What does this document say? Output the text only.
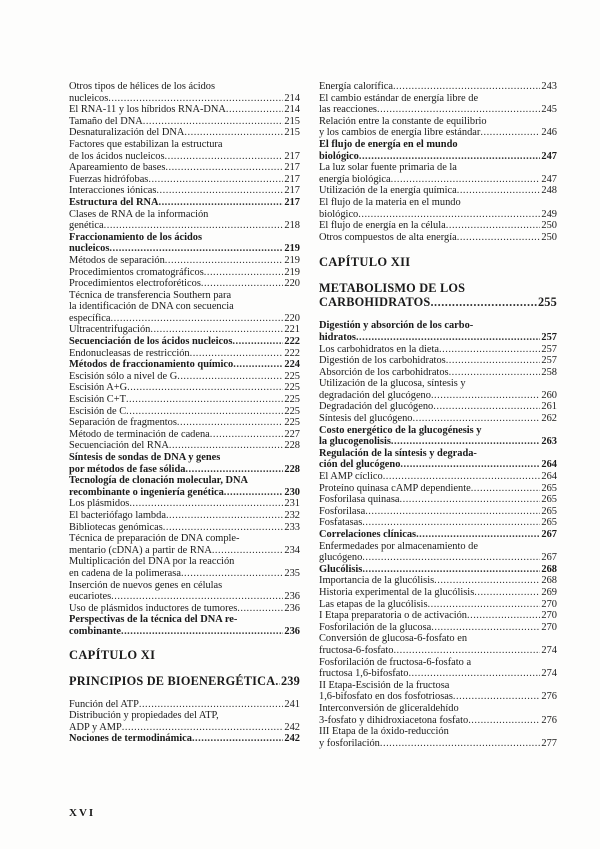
Otros tipos de hélices de los ácidos
nucleicos .....	214
El RNA-11 y los híbridos RNA-DNA .....	214
Tamaño del DNA .....	215
Desnaturalización del DNA .....	215
Factores que estabilizan la estructura
de los ácidos nucleicos .....	217
Apareamiento de bases .....	217
Fuerzas hidrófobas .....	217
Interacciones iónicas .....	217
Estructura del RNA .....	217
Clases de RNA de la información
genética .....	218
Fraccionamiento de los ácidos
nucleicos .....	219
Métodos de separación .....	219
Procedimientos cromatográficos .....	219
Procedimientos electroforéticos .....	220
Técnica de transferencia Southern para
la identificación de DNA con secuencia
específica .....	220
Ultracentrifugación .....	221
Secuenciación de los ácidos nucleicos .....	222
Endonucleasas de restricción .....	222
Métodos de fraccionamiento químico .....	224
Escisión sólo a nivel de G .....	225
Escisión A+G .....	225
Escisión C+T .....	225
Escisión de C .....	225
Separación de fragmentos .....	225
Método de terminación de cadena .....	227
Secuenciación del RNA .....	228
Síntesis de sondas de DNA y genes
por métodos de fase sólida .....	228
Tecnología de clonación molecular, DNA
recombinante o ingeniería genética .....	230
Los plásmidos .....	231
El bacteriófago lambda .....	232
Bibliotecas genómicas .....	233
Técnica de preparación de DNA comple-
mentario (cDNA) a partir de RNA .....	234
Multiplicación del DNA por la reacción
en cadena de la polimerasa .....	235
Inserción de nuevos genes en células
eucariotes .....	236
Uso de plásmidos inductores de tumores .....	236
Perspectivas de la técnica del DNA re-
combinante .....	236
CAPÍTULO XI
PRINCIPIOS DE BIOENERGÉTICA ..... 239
Función del ATP .....	241
Distribución y propiedades del ATP,
ADP y AMP .....	242
Nociones de termodinámica .....	242
Energía calorífica .....	243
El cambio estándar de energía libre de
las reacciones .....	245
Relación entre la constante de equilibrio
y los cambios de energía libre estándar .....	246
El flujo de energía en el mundo
biológico .....	247
La luz solar fuente primaria de la
energía biológica .....	247
Utilización de la energía química .....	248
El flujo de la materia en el mundo
biológico .....	249
El flujo de energía en la célula .....	250
Otros compuestos de alta energía .....	250
CAPÍTULO XII
METABOLISMO DE LOS
CARBOHIDRATOS .....	255
Digestión y absorción de los carbo-
hidratos .....	257
Los carbohidratos en la dieta .....	257
Digestión de los carbohidratos .....	257
Absorción de los carbohidratos .....	258
Utilización de la glucosa, síntesis y
degradación del glucógeno .....	260
Degradación del glucógeno .....	261
Síntesis del glucógeno .....	262
Costo energético de la glucogénesis y
la glucogenolisis .....	263
Regulación de la síntesis y degrada-
ción del glucógeno .....	264
El AMP cíclico .....	264
Proteíno quinasa cAMP dependiente .....	265
Fosforilasa quinasa .....	265
Fosforilasa .....	265
Fosfatasas .....	265
Correlaciones clínicas .....	267
Enfermedades por almacenamiento de
glucógeno .....	267
Glucólisis .....	268
Importancia de la glucólisis .....	268
Historia experimental de la glucólisis .....	269
Las etapas de la glucólisis .....	270
I Etapa preparatoria o de activación .....	270
Fosforilación de la glucosa .....	270
Conversión de glucosa-6-fosfato en
fructosa-6-fosfato .....	274
Fosforilación de fructosa-6-fosfato a
fructosa 1,6-bifosfato .....	274
II Etapa-Escisión de la fructosa
1,6-bifosfato en dos fosfotriosas .....	276
Interconversión de gliceraldehído
3-fosfato y dihidroxiacetona fosfato .....	276
III Etapa de la óxido-reducción
y fosforilación .....	277
XVI
